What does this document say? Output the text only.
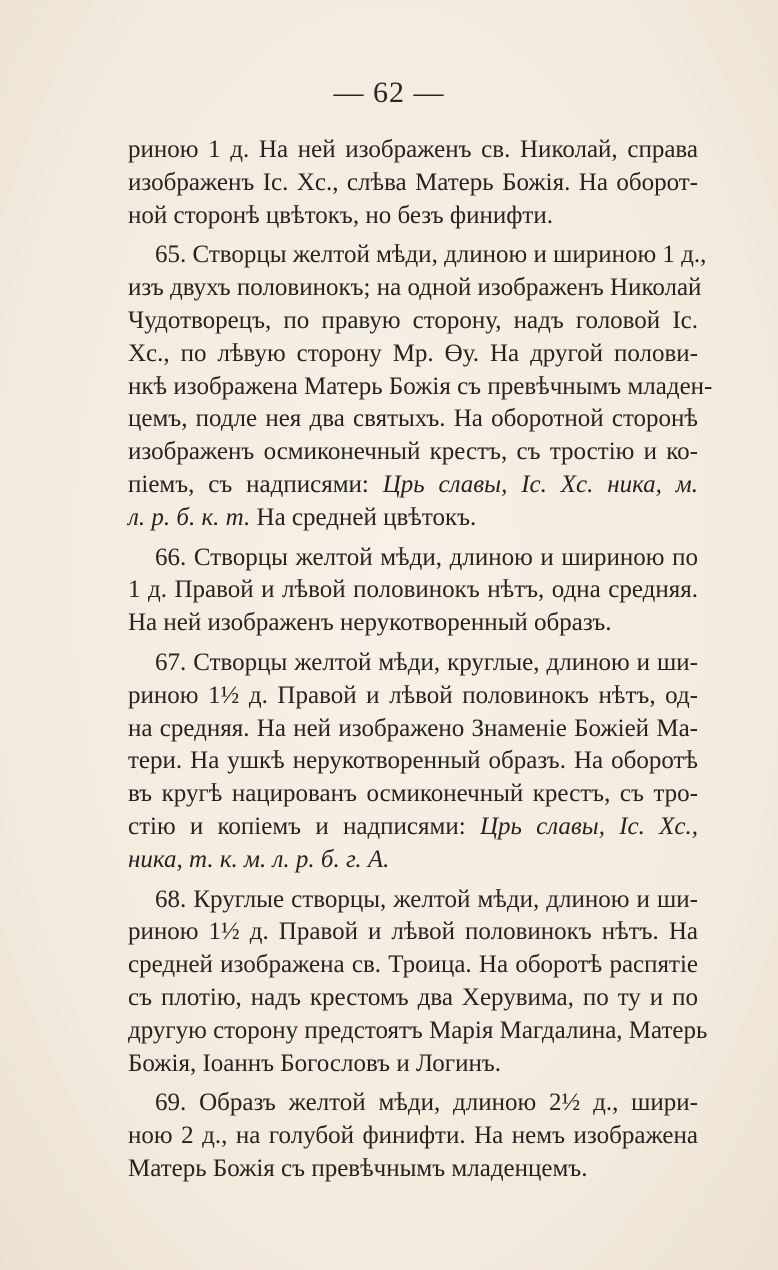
— 62 —
риною 1 д. На ней изображенъ св. Николай, справа
изображенъ Іс. Хс., слѣва Матерь Божія. На оборот-
ной сторонѣ цвѣтокъ, но безъ финифти.
65. Створцы желтой мѣди, длиною и шириною 1 д.,
изъ двухъ половинокъ; на одной изображенъ Николай
Чудотворецъ, по правую сторону, надъ головой Іс.
Хс., по лѣвую сторону Мр. Өу. На другой полови-
нкѣ изображена Матерь Божія съ превѣчнымъ младен-
цемъ, подле нея два святыхъ. На оборотной сторонѣ
изображенъ осмиконечный крестъ, съ тростію и ко-
піемъ, съ надписями: Црь славы, Іс. Хс. ника, м.
л. р. б. к. т. На средней цвѣтокъ.
66. Створцы желтой мѣди, длиною и шириною по
1 д. Правой и лѣвой половинокъ нѣтъ, одна средняя.
На ней изображенъ нерукотворенный образъ.
67. Створцы желтой мѣди, круглые, длиною и ши-
риною 1½ д. Правой и лѣвой половинокъ нѣтъ, од-
на средняя. На ней изображено Знаменіе Божіей Ма-
тери. На ушкѣ нерукотворенный образъ. На оборотѣ
въ кругѣ нацированъ осмиконечный крестъ, съ тро-
стію и копіемъ и надписями: Црь славы, Іс. Хс.,
ника, т. к. м. л. р. б. г. А.
68. Круглые створцы, желтой мѣди, длиною и ши-
риною 1½ д. Правой и лѣвой половинокъ нѣтъ. На
средней изображена св. Троица. На оборотѣ распятіе
съ плотію, надъ крестомъ два Херувима, по ту и по
другую сторону предстоятъ Марія Магдалина, Матерь
Божія, Іоаннъ Богословъ и Логинъ.
69. Образъ желтой мѣди, длиною 2½ д., шири-
ною 2 д., на голубой финифти. На немъ изображена
Матерь Божія съ превѣчнымъ младенцемъ.
